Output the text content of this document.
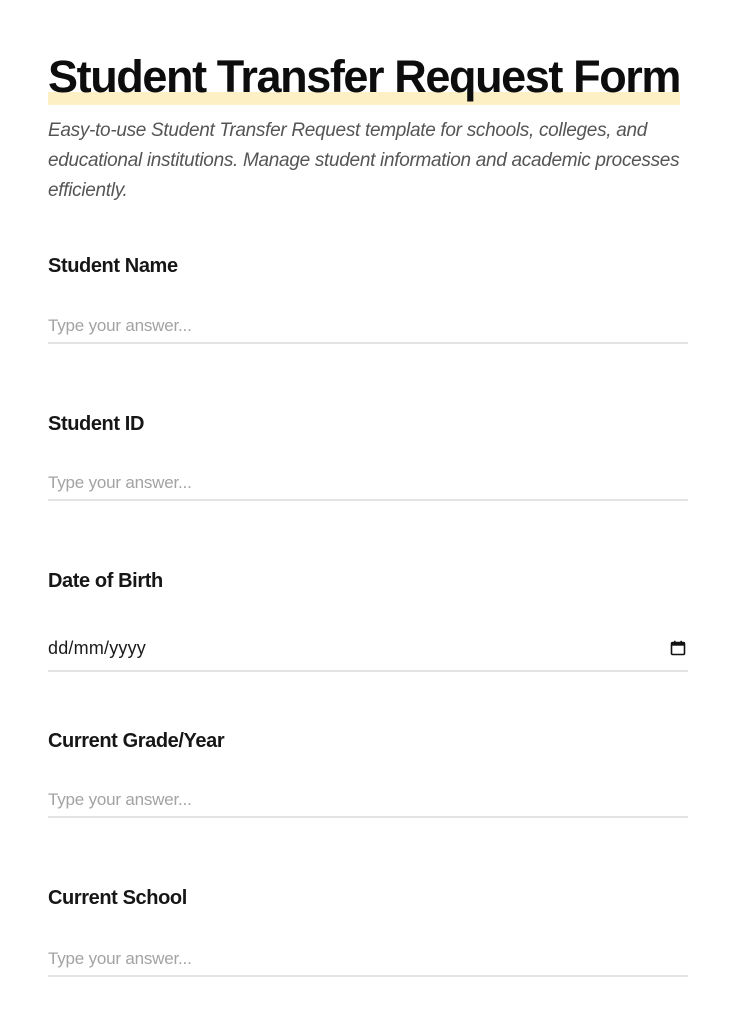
Student Transfer Request Form

Easy-to-use Student Transfer Request template for schools, colleges, and educational institutions. Manage student information and academic processes efficiently.

Student Name
Type your answer...
Student ID
Type your answer...
Date of Birth
dd/mm/yyyy
Current Grade/Year
Type your answer...
Current School
Type your answer...
